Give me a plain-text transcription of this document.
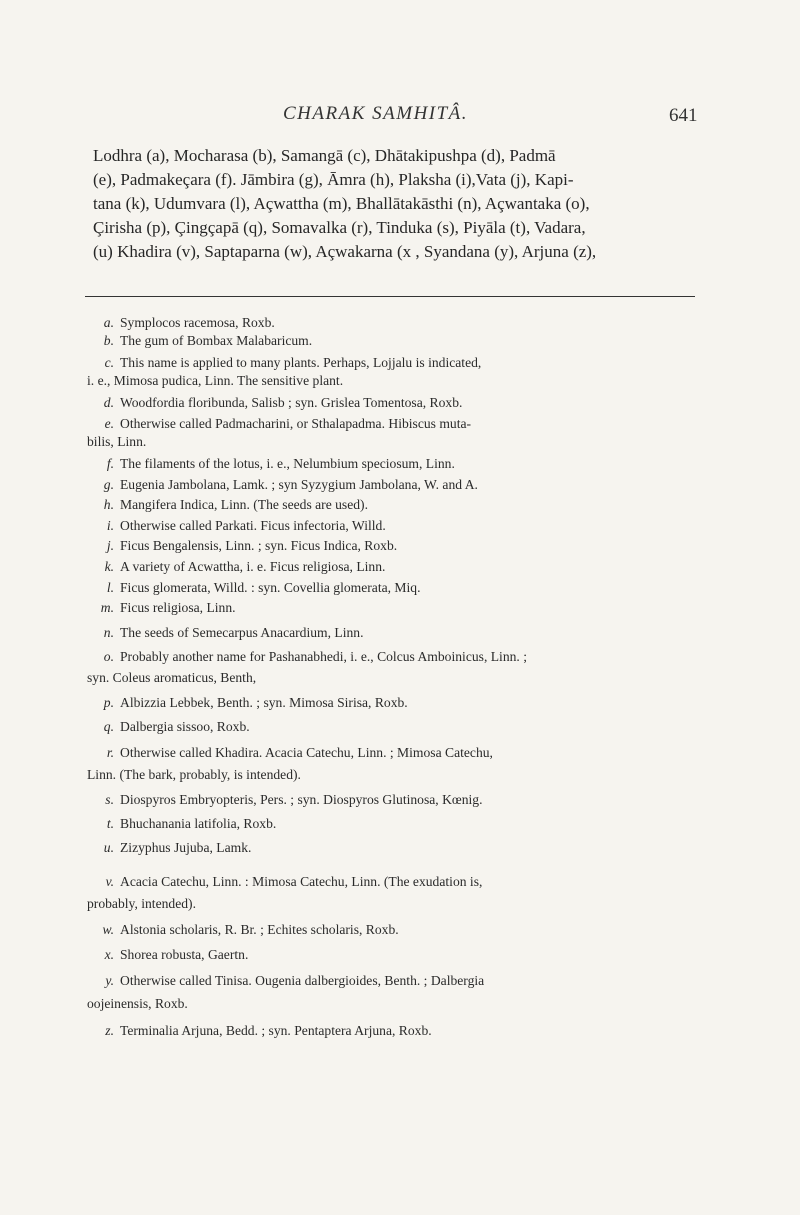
CHARAK SAMHITÂ.	641
Lodhra (a), Mocharasa (b), Samangā (c), Dhātakipushpa (d), Padmā
(e), Padmakeçara (f). Jāmbira (g), Āmra (h), Plaksha (i),Vata (j), Kapi-
tana (k), Udumvara (l), Açwattha (m), Bhallātakāsthi (n), Açwantaka (o),
Çirisha (p), Çingçapā (q), Somavalka (r), Tinduka (s), Piyāla (t), Vadara,
(u) Khadira (v), Saptaparna (w), Açwakarna (x , Syandana (y), Arjuna (z),
a. Symplocos racemosa, Roxb.
b. The gum of Bombax Malabaricum.
c. This name is applied to many plants. Perhaps, Lojjalu is indicated,
i. e., Mimosa pudica, Linn. The sensitive plant.
d. Woodfordia floribunda, Salisb ; syn. Grislea Tomentosa, Roxb.
e. Otherwise called Padmacharini, or Sthalapadma. Hibiscus muta-
bilis, Linn.
f. The filaments of the lotus, i. e., Nelumbium speciosum, Linn.
g. Eugenia Jambolana, Lamk. ; syn Syzygium Jambolana, W. and A.
h. Mangifera Indica, Linn. (The seeds are used).
i. Otherwise called Parkati. Ficus infectoria, Willd.
j. Ficus Bengalensis, Linn. ; syn. Ficus Indica, Roxb.
k. A variety of Acwattha, i. e. Ficus religiosa, Linn.
l. Ficus glomerata, Willd. : syn. Covellia glomerata, Miq.
m. Ficus religiosa, Linn.
n. The seeds of Semecarpus Anacardium, Linn.
o. Probably another name for Pashanabhedi, i. e., Colcus Amboinicus, Linn. ;
syn. Coleus aromaticus, Benth,
p. Albizzia Lebbek, Benth. ; syn. Mimosa Sirisa, Roxb.
q. Dalbergia sissoo, Roxb.
r. Otherwise called Khadira. Acacia Catechu, Linn. ; Mimosa Catechu,
Linn. (The bark, probably, is intended).
s. Diospyros Embryopteris, Pers. ; syn. Diospyros Glutinosa, Kœnig.
t. Bhuchanania latifolia, Roxb.
u. Zizyphus Jujuba, Lamk.
v. Acacia Catechu, Linn. : Mimosa Catechu, Linn. (The exudation is,
probably, intended).
w. Alstonia scholaris, R. Br. ; Echites scholaris, Roxb.
x. Shorea robusta, Gaertn.
y. Otherwise called Tinisa. Ougenia dalbergioides, Benth. ; Dalbergia
oojeinensis, Roxb.
z. Terminalia Arjuna, Bedd. ; syn. Pentaptera Arjuna, Roxb.
